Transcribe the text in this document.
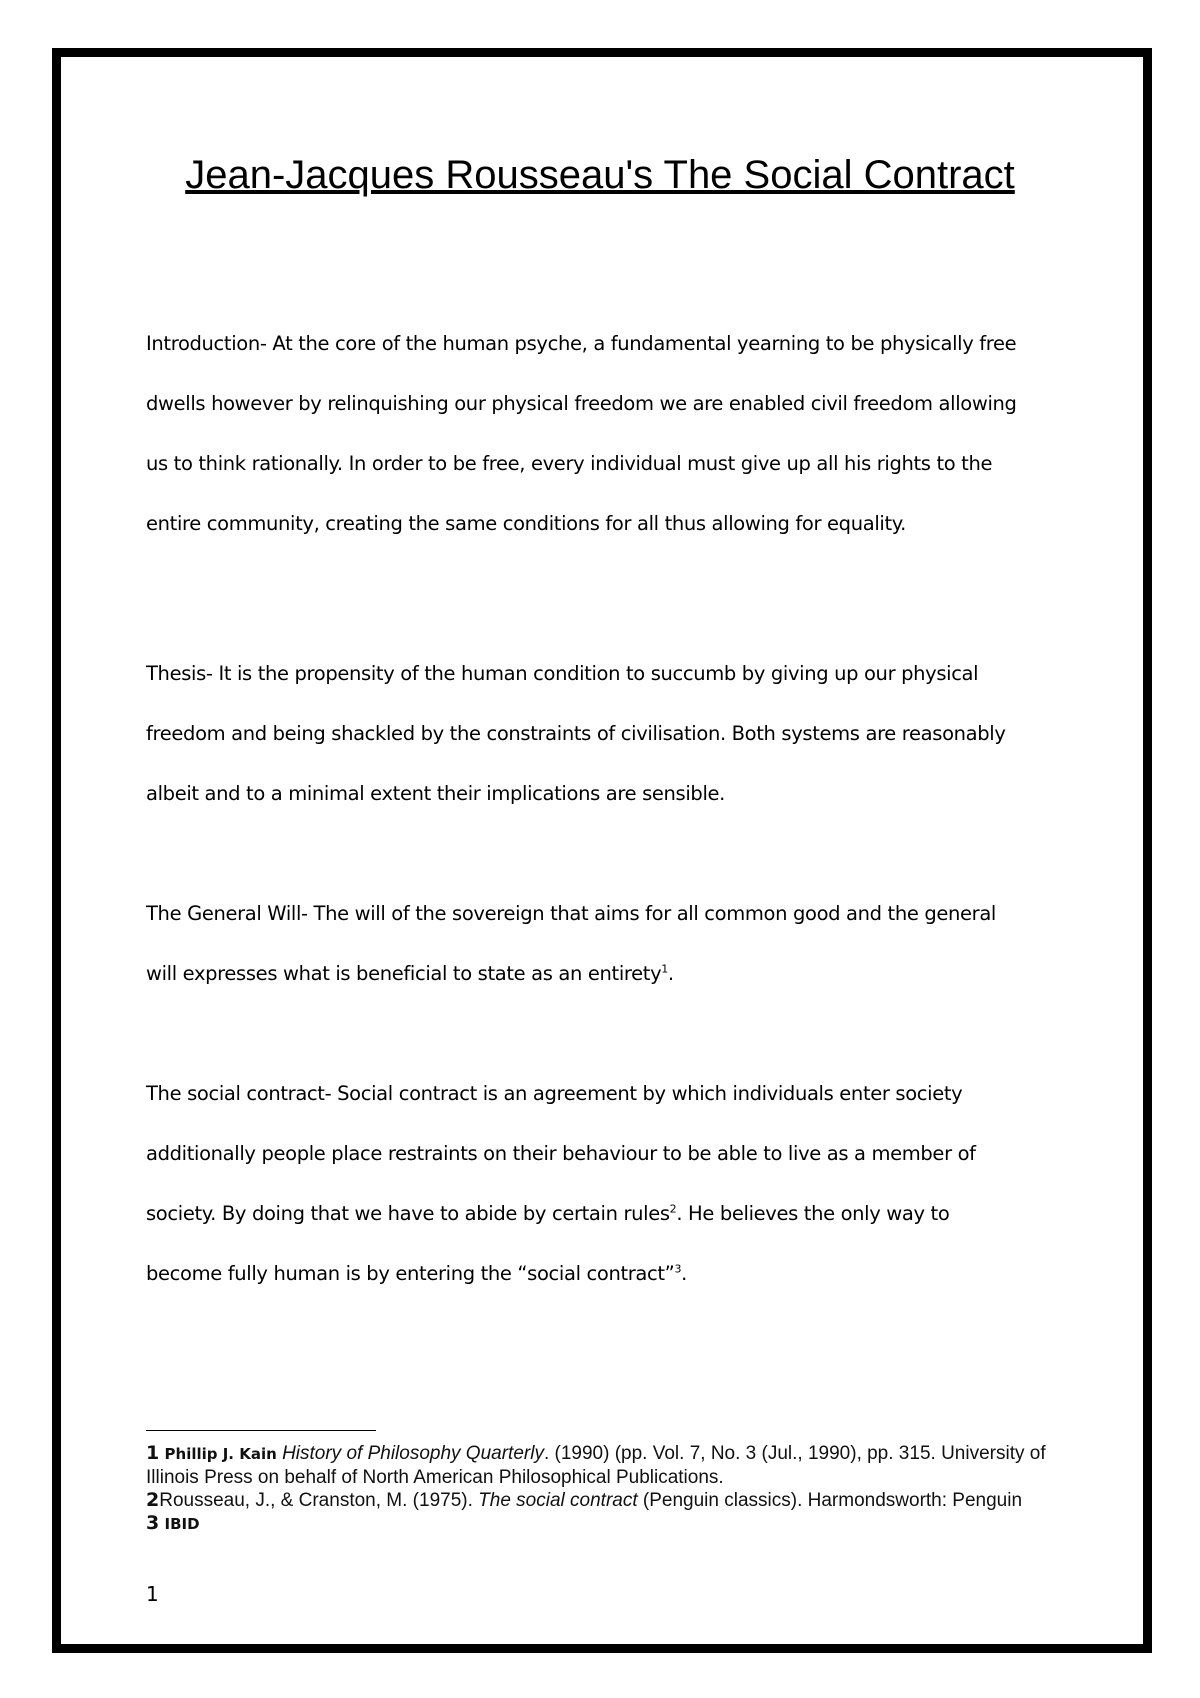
Jean-Jacques Rousseau's The Social Contract

Introduction- At the core of the human psyche, a fundamental yearning to be physically free

dwells however by relinquishing our physical freedom we are enabled civil freedom allowing

us to think rationally. In order to be free, every individual must give up all his rights to the

entire community, creating the same conditions for all thus allowing for equality.

Thesis- It is the propensity of the human condition to succumb by giving up our physical

freedom and being shackled by the constraints of civilisation. Both systems are reasonably

albeit and to a minimal extent their implications are sensible.

The General Will- The will of the sovereign that aims for all common good and the general

will expresses what is beneficial to state as an entirety$^1$.

The social contract- Social contract is an agreement by which individuals enter society

additionally people place restraints on their behaviour to be able to live as a member of

society. By doing that we have to abide by certain rules$^2$. He believes the only way to

become fully human is by entering the “social contract”$^3$.

1 Phillip J. Kain History of Philosophy Quarterly. (1990) (pp. Vol. 7, No. 3 (Jul., 1990), pp. 315. University of Illinois Press on behalf of North American Philosophical Publications.

2Rousseau, J., & Cranston, M. (1975). The social contract (Penguin classics). Harmondsworth: Penguin

3 IBID

1
